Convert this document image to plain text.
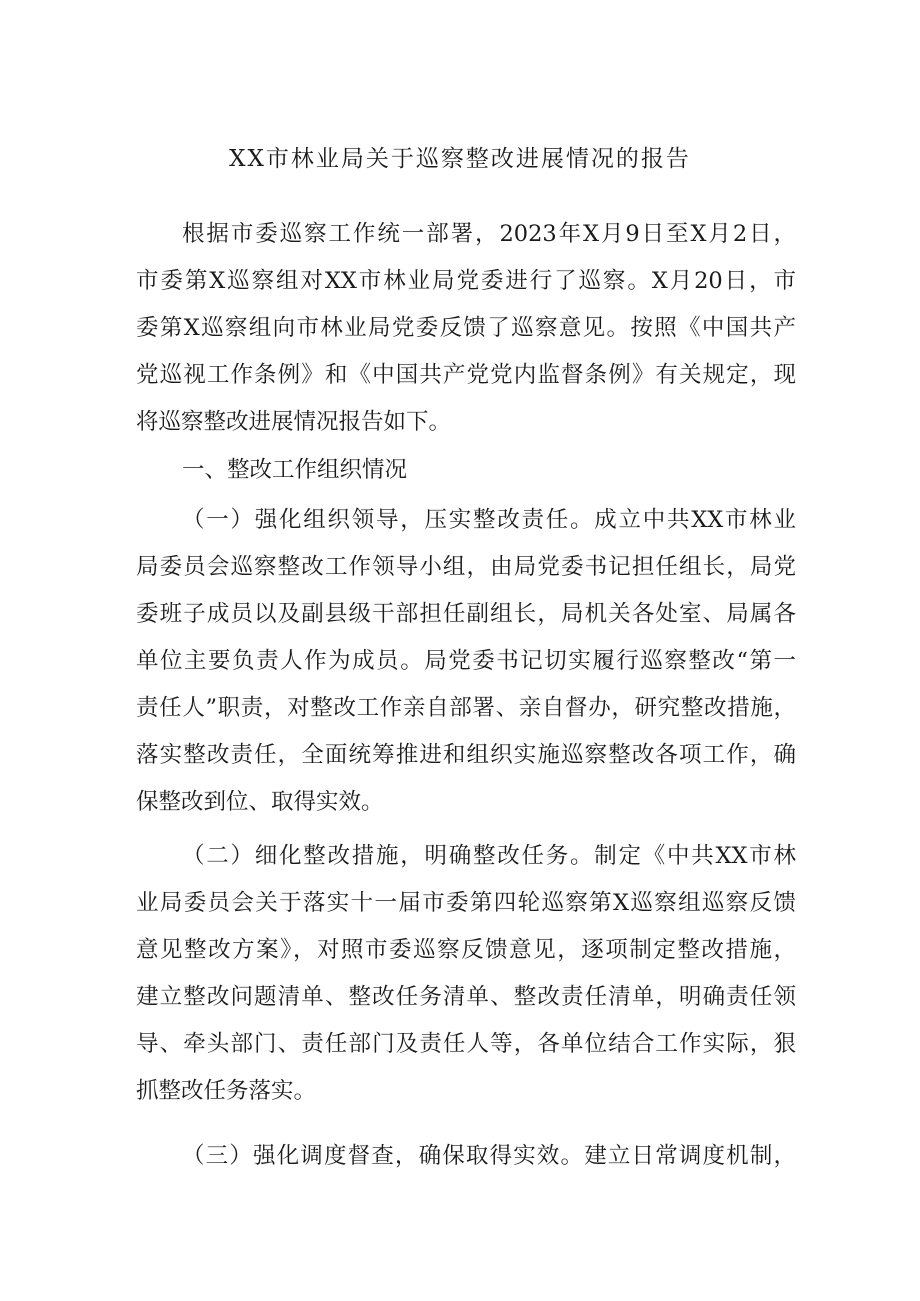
XX市林业局关于巡察整改进展情况的报告
根据市委巡察工作统一部署，2023年X月9日至X月2日，
市委第X巡察组对XX市林业局党委进行了巡察。X月20日，市
委第X巡察组向市林业局党委反馈了巡察意见。按照《中国共产
党巡视工作条例》和《中国共产党党内监督条例》有关规定，现
将巡察整改进展情况报告如下。
一、整改工作组织情况
（一）强化组织领导，压实整改责任。成立中共XX市林业
局委员会巡察整改工作领导小组，由局党委书记担任组长，局党
委班子成员以及副县级干部担任副组长，局机关各处室、局属各
单位主要负责人作为成员。局党委书记切实履行巡察整改“第一
责任人”职责，对整改工作亲自部署、亲自督办，研究整改措施，
落实整改责任，全面统筹推进和组织实施巡察整改各项工作，确
保整改到位、取得实效。
（二）细化整改措施，明确整改任务。制定《中共XX市林
业局委员会关于落实十一届市委第四轮巡察第X巡察组巡察反馈
意见整改方案》，对照市委巡察反馈意见，逐项制定整改措施，
建立整改问题清单、整改任务清单、整改责任清单，明确责任领
导、牵头部门、责任部门及责任人等，各单位结合工作实际，狠
抓整改任务落实。
（三）强化调度督查，确保取得实效。建立日常调度机制，
